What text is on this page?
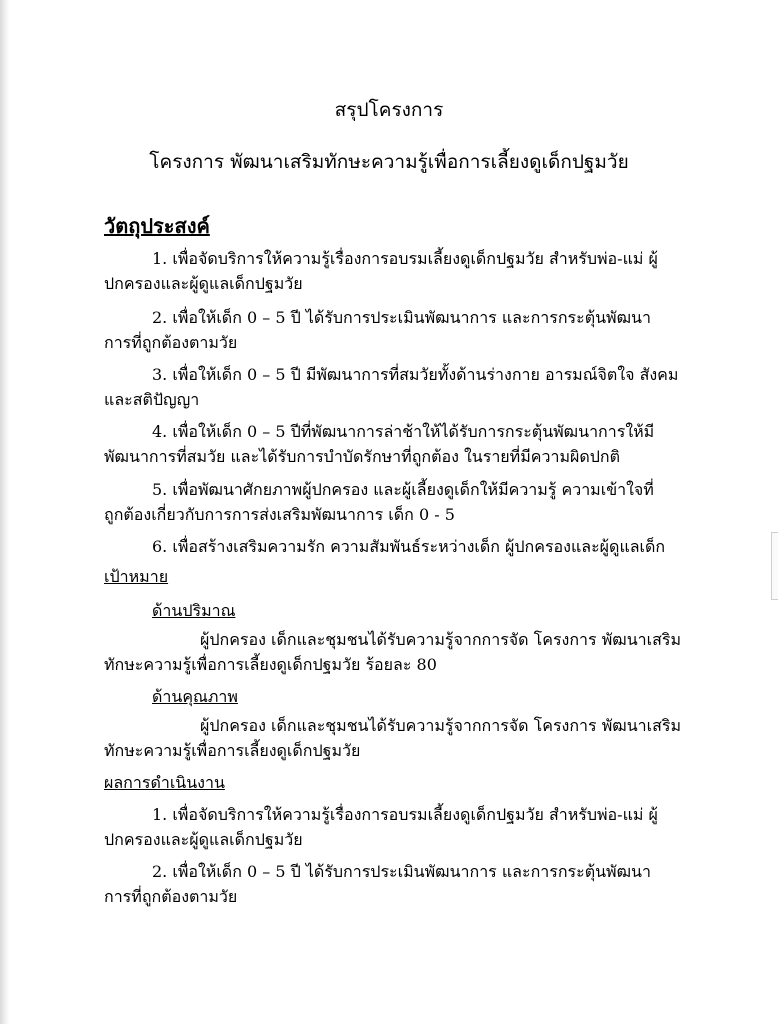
สรุปโครงการ
โครงการ พัฒนาเสริมทักษะความรู้เพื่อการเลี้ยงดูเด็กปฐมวัย
วัตถุประสงค์
1. เพื่อจัดบริการให้ความรู้เรื่องการอบรมเลี้ยงดูเด็กปฐมวัย สำหรับพ่อ-แม่ ผู้
ปกครองและผู้ดูแลเด็กปฐมวัย
2. เพื่อให้เด็ก 0 – 5 ปี ได้รับการประเมินพัฒนาการ และการกระตุ้นพัฒนา
การที่ถูกต้องตามวัย
3. เพื่อให้เด็ก 0 – 5 ปี มีพัฒนาการที่สมวัยทั้งด้านร่างกาย อารมณ์จิตใจ สังคม
และสติปัญญา
4. เพื่อให้เด็ก 0 – 5 ปีที่พัฒนาการล่าช้าให้ได้รับการกระตุ้นพัฒนาการให้มี
พัฒนาการที่สมวัย และได้รับการบำบัดรักษาที่ถูกต้อง ในรายที่มีความผิดปกติ
5. เพื่อพัฒนาศักยภาพผู้ปกครอง และผู้เลี้ยงดูเด็กให้มีความรู้ ความเข้าใจที่
ถูกต้องเกี่ยวกับการการส่งเสริมพัฒนาการ เด็ก 0 - 5
6. เพื่อสร้างเสริมความรัก ความสัมพันธ์ระหว่างเด็ก ผู้ปกครองและผู้ดูแลเด็ก
เป้าหมาย
ด้านปริมาณ
ผู้ปกครอง เด็กและชุมชนได้รับความรู้จากการจัด โครงการ พัฒนาเสริม
ทักษะความรู้เพื่อการเลี้ยงดูเด็กปฐมวัย ร้อยละ 80
ด้านคุณภาพ
ผู้ปกครอง เด็กและชุมชนได้รับความรู้จากการจัด โครงการ พัฒนาเสริม
ทักษะความรู้เพื่อการเลี้ยงดูเด็กปฐมวัย
ผลการดำเนินงาน
1. เพื่อจัดบริการให้ความรู้เรื่องการอบรมเลี้ยงดูเด็กปฐมวัย สำหรับพ่อ-แม่ ผู้
ปกครองและผู้ดูแลเด็กปฐมวัย
2. เพื่อให้เด็ก 0 – 5 ปี ได้รับการประเมินพัฒนาการ และการกระตุ้นพัฒนา
การที่ถูกต้องตามวัย
